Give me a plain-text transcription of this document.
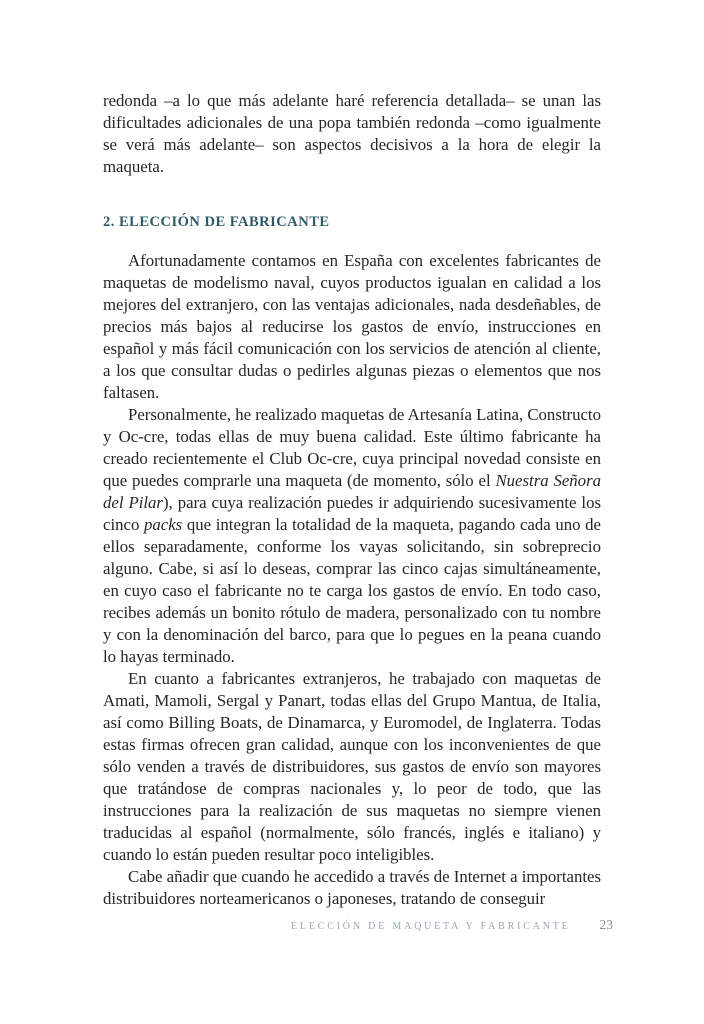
redonda –a lo que más adelante haré referencia detallada– se unan las dificultades adicionales de una popa también redonda –como igualmente se verá más adelante– son aspectos decisivos a la hora de elegir la maqueta.

2. ELECCIÓN DE FABRICANTE

Afortunadamente contamos en España con excelentes fabricantes de maquetas de modelismo naval, cuyos productos igualan en calidad a los mejores del extranjero, con las ventajas adicionales, nada desdeñables, de precios más bajos al reducirse los gastos de envío, instrucciones en español y más fácil comunicación con los servicios de atención al cliente, a los que consultar dudas o pedirles algunas piezas o elementos que nos faltasen.

Personalmente, he realizado maquetas de Artesanía Latina, Constructo y Oc-cre, todas ellas de muy buena calidad. Este último fabricante ha creado recientemente el Club Oc-cre, cuya principal novedad consiste en que puedes comprarle una maqueta (de momento, sólo el Nuestra Señora del Pilar), para cuya realización puedes ir adquiriendo sucesivamente los cinco packs que integran la totalidad de la maqueta, pagando cada uno de ellos separadamente, conforme los vayas solicitando, sin sobreprecio alguno. Cabe, si así lo deseas, comprar las cinco cajas simultáneamente, en cuyo caso el fabricante no te carga los gastos de envío. En todo caso, recibes además un bonito rótulo de madera, personalizado con tu nombre y con la denominación del barco, para que lo pegues en la peana cuando lo hayas terminado.

En cuanto a fabricantes extranjeros, he trabajado con maquetas de Amati, Mamoli, Sergal y Panart, todas ellas del Grupo Mantua, de Italia, así como Billing Boats, de Dinamarca, y Euromodel, de Inglaterra. Todas estas firmas ofrecen gran calidad, aunque con los inconvenientes de que sólo venden a través de distribuidores, sus gastos de envío son mayores que tratándose de compras nacionales y, lo peor de todo, que las instrucciones para la realización de sus maquetas no siempre vienen traducidas al español (normalmente, sólo francés, inglés e italiano) y cuando lo están pueden resultar poco inteligibles.

Cabe añadir que cuando he accedido a través de Internet a importantes distribuidores norteamericanos o japoneses, tratando de conseguir

ELECCIÓN DE MAQUETA Y FABRICANTE 23
